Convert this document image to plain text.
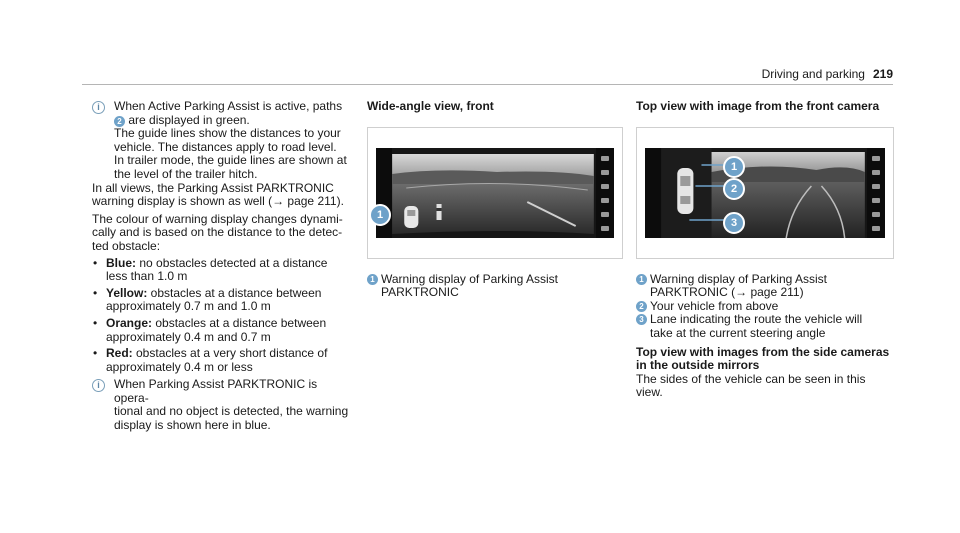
Driving and parking 219
i	When Active Parking Assist is active, paths

2 are displayed in green.

The guide lines show the distances to your

vehicle. The distances apply to road level.

In trailer mode, the guide lines are shown at

the level of the trailer hitch.

In all views, the Parking Assist PARKTRONIC

warning display is shown as well (→ page 211).

The colour of warning display changes dynami-

cally and is based on the distance to the detec-

ted obstacle:

• Blue: no obstacles detected at a distance

less than 1.0 m

• Yellow: obstacles at a distance between

approximately 0.7 m and 1.0 m

• Orange: obstacles at a distance between

approximately 0.4 m and 0.7 m

• Red: obstacles at a very short distance of

approximately 0.4 m or less

i	When Parking Assist PARKTRONIC is opera-

tional and no object is detected, the warning

display is shown here in blue.

Wide-angle view, front
1
1 Warning display of Parking Assist

PARKTRONIC

Top view with image from the front camera
1
2
3
1 Warning display of Parking Assist

PARKTRONIC (→ page 211)

2 Your vehicle from above

3 Lane indicating the route the vehicle will

take at the current steering angle

Top view with images from the side cameras
in the outside mirrors

The sides of the vehicle can be seen in this view.
